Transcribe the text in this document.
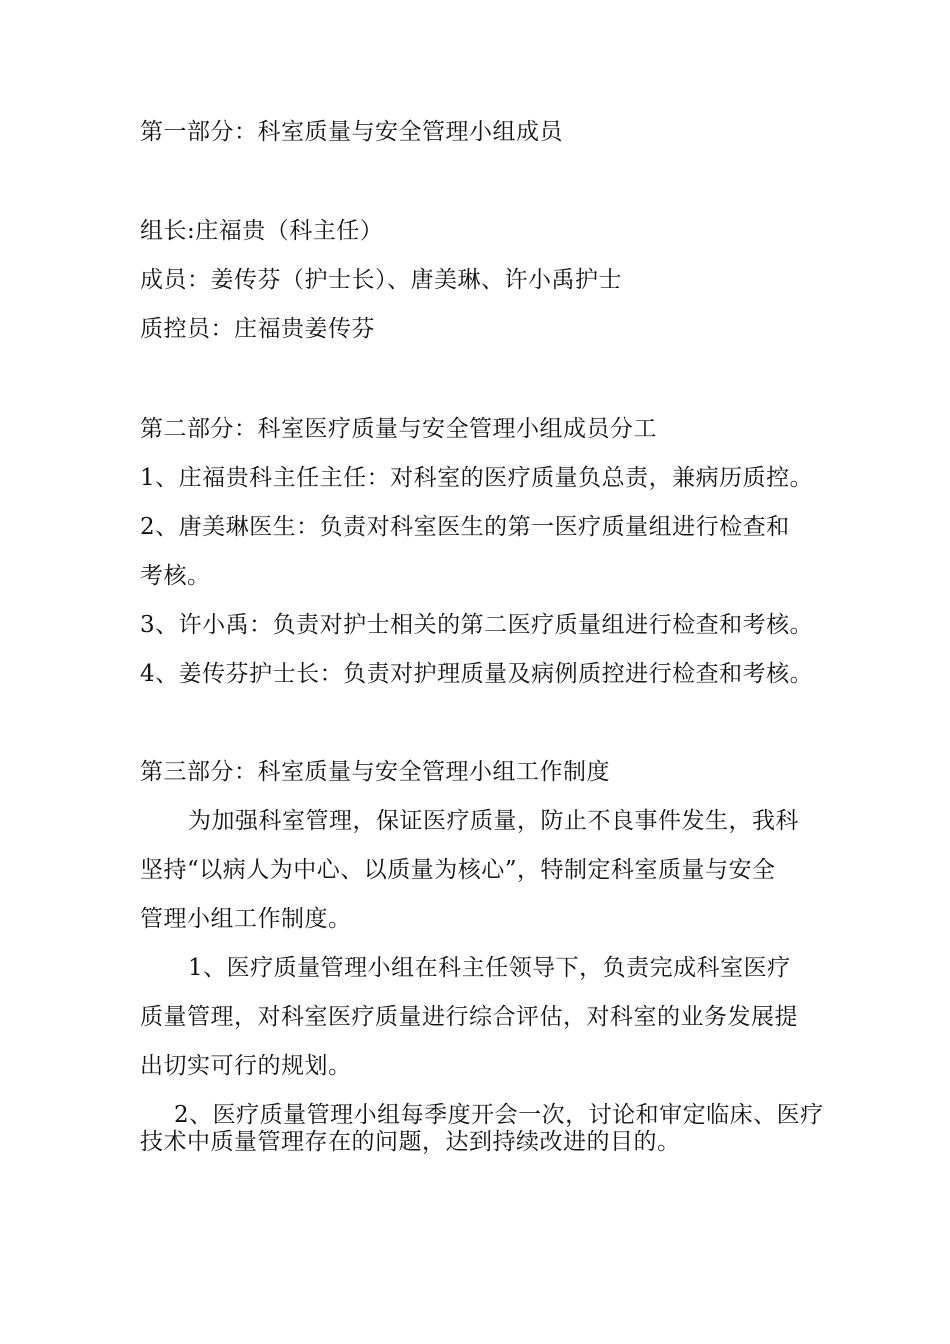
第一部分：科室质量与安全管理小组成员
组长:庄福贵（科主任）
成员：姜传芬（护士长）、唐美琳、许小禹护士
质控员：庄福贵姜传芬
第二部分：科室医疗质量与安全管理小组成员分工
1、庄福贵科主任主任：对科室的医疗质量负总责，兼病历质控。
2、唐美琳医生：负责对科室医生的第一医疗质量组进行检查和
考核。
3、许小禹：负责对护士相关的第二医疗质量组进行检查和考核。
4、姜传芬护士长：负责对护理质量及病例质控进行检查和考核。
第三部分：科室质量与安全管理小组工作制度
为加强科室管理，保证医疗质量，防止不良事件发生，我科
坚持“以病人为中心、以质量为核心”，特制定科室质量与安全
管理小组工作制度。
1、医疗质量管理小组在科主任领导下，负责完成科室医疗
质量管理，对科室医疗质量进行综合评估，对科室的业务发展提
出切实可行的规划。
2、医疗质量管理小组每季度开会一次，讨论和审定临床、医疗
技术中质量管理存在的问题，达到持续改进的目的。
